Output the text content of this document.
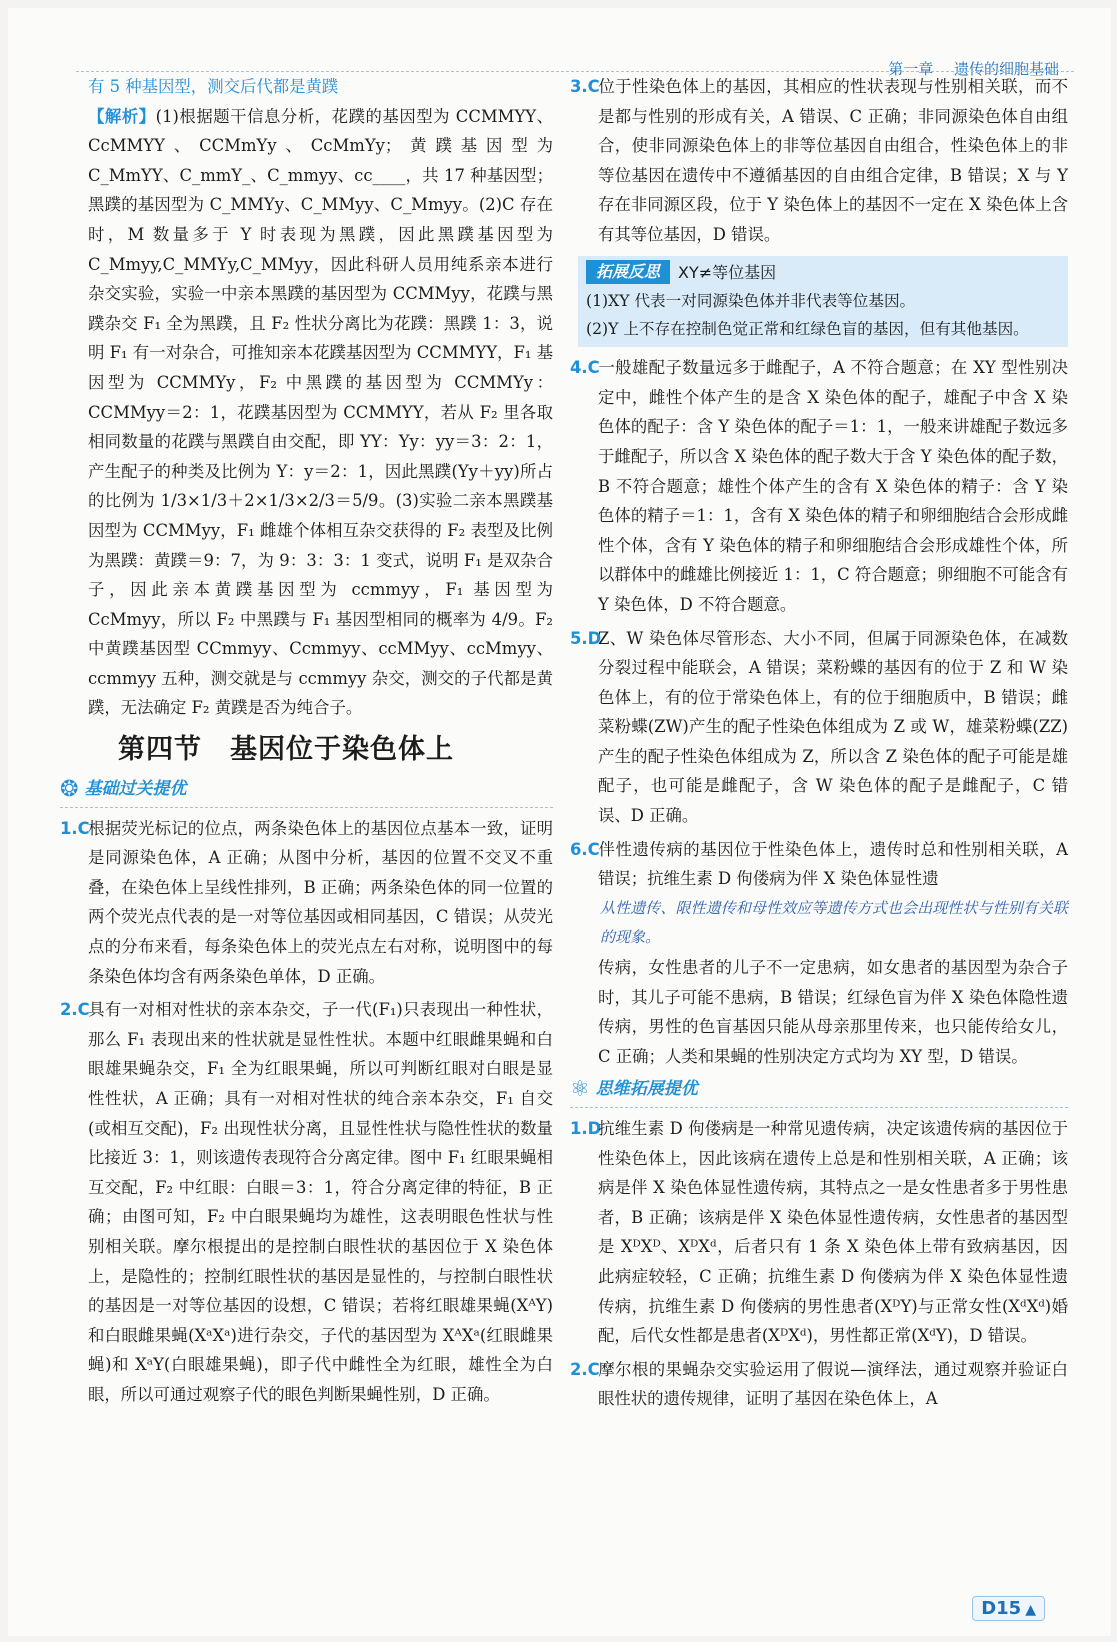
第一章 遗传的细胞基础

有 5 种基因型，测交后代都是黄蹼

【解析】(1)根据题干信息分析，花蹼的基因型为 CCMMYY、CcMMYY、CCMmYy、CcMmYy；黄蹼基因型为 C_MmYY、C_mmY_、C_mmyy、cc____，共 17 种基因型；黑蹼的基因型为 C_MMYy、C_MMyy、C_Mmyy。(2)C 存在时，M 数量多于 Y 时表现为黑蹼，因此黑蹼基因型为 C_Mmyy,C_MMYy,C_MMyy，因此科研人员用纯系亲本进行杂交实验，实验一中亲本黑蹼的基因型为 CCMMyy，花蹼与黑蹼杂交 F₁ 全为黑蹼，且 F₂ 性状分离比为花蹼：黑蹼 1：3，说明 F₁ 有一对杂合，可推知亲本花蹼基因型为 CCMMYY，F₁ 基因型为 CCMMYy，F₂ 中黑蹼的基因型为 CCMMYy：CCMMyy＝2：1，花蹼基因型为 CCMMYY，若从 F₂ 里各取相同数量的花蹼与黑蹼自由交配，即 YY：Yy：yy＝3：2：1，产生配子的种类及比例为 Y：y＝2：1，因此黑蹼(Yy＋yy)所占的比例为 1/3×1/3＋2×1/3×2/3＝5/9。(3)实验二亲本黑蹼基因型为 CCMMyy，F₁ 雌雄个体相互杂交获得的 F₂ 表型及比例为黑蹼：黄蹼＝9：7，为 9：3：3：1 变式，说明 F₁ 是双杂合子，因此亲本黄蹼基因型为 ccmmyy，F₁ 基因型为 CcMmyy，所以 F₂ 中黑蹼与 F₁ 基因型相同的概率为 4/9。F₂ 中黄蹼基因型 CCmmyy、Ccmmyy、ccMMyy、ccMmyy、ccmmyy 五种，测交就是与 ccmmyy 杂交，测交的子代都是黄蹼，无法确定 F₂ 黄蹼是否为纯合子。

第四节 基因位于染色体上
❂ 基础过关提优

1.C根据荧光标记的位点，两条染色体上的基因位点基本一致，证明是同源染色体，A 正确；从图中分析，基因的位置不交叉不重叠，在染色体上呈线性排列，B 正确；两条染色体的同一位置的两个荧光点代表的是一对等位基因或相同基因，C 错误；从荧光点的分布来看，每条染色体上的荧光点左右对称，说明图中的每条染色体均含有两条染色单体，D 正确。

2.C具有一对相对性状的亲本杂交，子一代(F₁)只表现出一种性状，那么 F₁ 表现出来的性状就是显性性状。本题中红眼雌果蝇和白眼雄果蝇杂交，F₁ 全为红眼果蝇，所以可判断红眼对白眼是显性性状，A 正确；具有一对相对性状的纯合亲本杂交，F₁ 自交(或相互交配)，F₂ 出现性状分离，且显性性状与隐性性状的数量比接近 3：1，则该遗传表现符合分离定律。图中 F₁ 红眼果蝇相互交配，F₂ 中红眼：白眼＝3：1，符合分离定律的特征，B 正确；由图可知，F₂ 中白眼果蝇均为雄性，这表明眼色性状与性别相关联。摩尔根提出的是控制白眼性状的基因位于 X 染色体上，是隐性的；控制红眼性状的基因是显性的，与控制白眼性状的基因是一对等位基因的设想，C 错误；若将红眼雄果蝇(XᴬY)和白眼雌果蝇(XᵃXᵃ)进行杂交，子代的基因型为 XᴬXᵃ(红眼雌果蝇)和 XᵃY(白眼雄果蝇)，即子代中雌性全为红眼，雄性全为白眼，所以可通过观察子代的眼色判断果蝇性别，D 正确。

3.C位于性染色体上的基因，其相应的性状表现与性别相关联，而不是都与性别的形成有关，A 错误、C 正确；非同源染色体自由组合，使非同源染色体上的非等位基因自由组合，性染色体上的非等位基因在遗传中不遵循基因的自由组合定律，B 错误；X 与 Y 存在非同源区段，位于 Y 染色体上的基因不一定在 X 染色体上含有其等位基因，D 错误。

拓展反思	XY≠等位基因
(1)XY 代表一对同源染色体并非代表等位基因。
(2)Y 上不存在控制色觉正常和红绿色盲的基因，但有其他基因。

4.C一般雄配子数量远多于雌配子，A 不符合题意；在 XY 型性别决定中，雌性个体产生的是含 X 染色体的配子，雄配子中含 X 染色体的配子：含 Y 染色体的配子＝1：1，一般来讲雄配子数远多于雌配子，所以含 X 染色体的配子数大于含 Y 染色体的配子数，B 不符合题意；雄性个体产生的含有 X 染色体的精子：含 Y 染色体的精子＝1：1，含有 X 染色体的精子和卵细胞结合会形成雌性个体，含有 Y 染色体的精子和卵细胞结合会形成雄性个体，所以群体中的雌雄比例接近 1：1，C 符合题意；卵细胞不可能含有 Y 染色体，D 不符合题意。

5.DZ、W 染色体尽管形态、大小不同，但属于同源染色体，在减数分裂过程中能联会，A 错误；菜粉蝶的基因有的位于 Z 和 W 染色体上，有的位于常染色体上，有的位于细胞质中，B 错误；雌菜粉蝶(ZW)产生的配子性染色体组成为 Z 或 W，雄菜粉蝶(ZZ)产生的配子性染色体组成为 Z，所以含 Z 染色体的配子可能是雄配子，也可能是雌配子，含 W 染色体的配子是雌配子，C 错误、D 正确。

6.C伴性遗传病的基因位于性染色体上，遗传时总和性别相关联，A 错误；抗维生素 D 佝偻病为伴 X 染色体显性遗

从性遗传、限性遗传和母性效应等遗传方式也会出现性状与性别有关联的现象。

传病，女性患者的儿子不一定患病，如女患者的基因型为杂合子时，其儿子可能不患病，B 错误；红绿色盲为伴 X 染色体隐性遗传病，男性的色盲基因只能从母亲那里传来，也只能传给女儿，C 正确；人类和果蝇的性别决定方式均为 XY 型，D 错误。

⚛ 思维拓展提优

1.D抗维生素 D 佝偻病是一种常见遗传病，决定该遗传病的基因位于性染色体上，因此该病在遗传上总是和性别相关联，A 正确；该病是伴 X 染色体显性遗传病，其特点之一是女性患者多于男性患者，B 正确；该病是伴 X 染色体显性遗传病，女性患者的基因型是 XᴰXᴰ、XᴰXᵈ，后者只有 1 条 X 染色体上带有致病基因，因此病症较轻，C 正确；抗维生素 D 佝偻病为伴 X 染色体显性遗传病，抗维生素 D 佝偻病的男性患者(XᴰY)与正常女性(XᵈXᵈ)婚配，后代女性都是患者(XᴰXᵈ)，男性都正常(XᵈY)，D 错误。

2.C摩尔根的果蝇杂交实验运用了假说—演绎法，通过观察并验证白眼性状的遗传规律，证明了基因在染色体上，A

D15 ▲
